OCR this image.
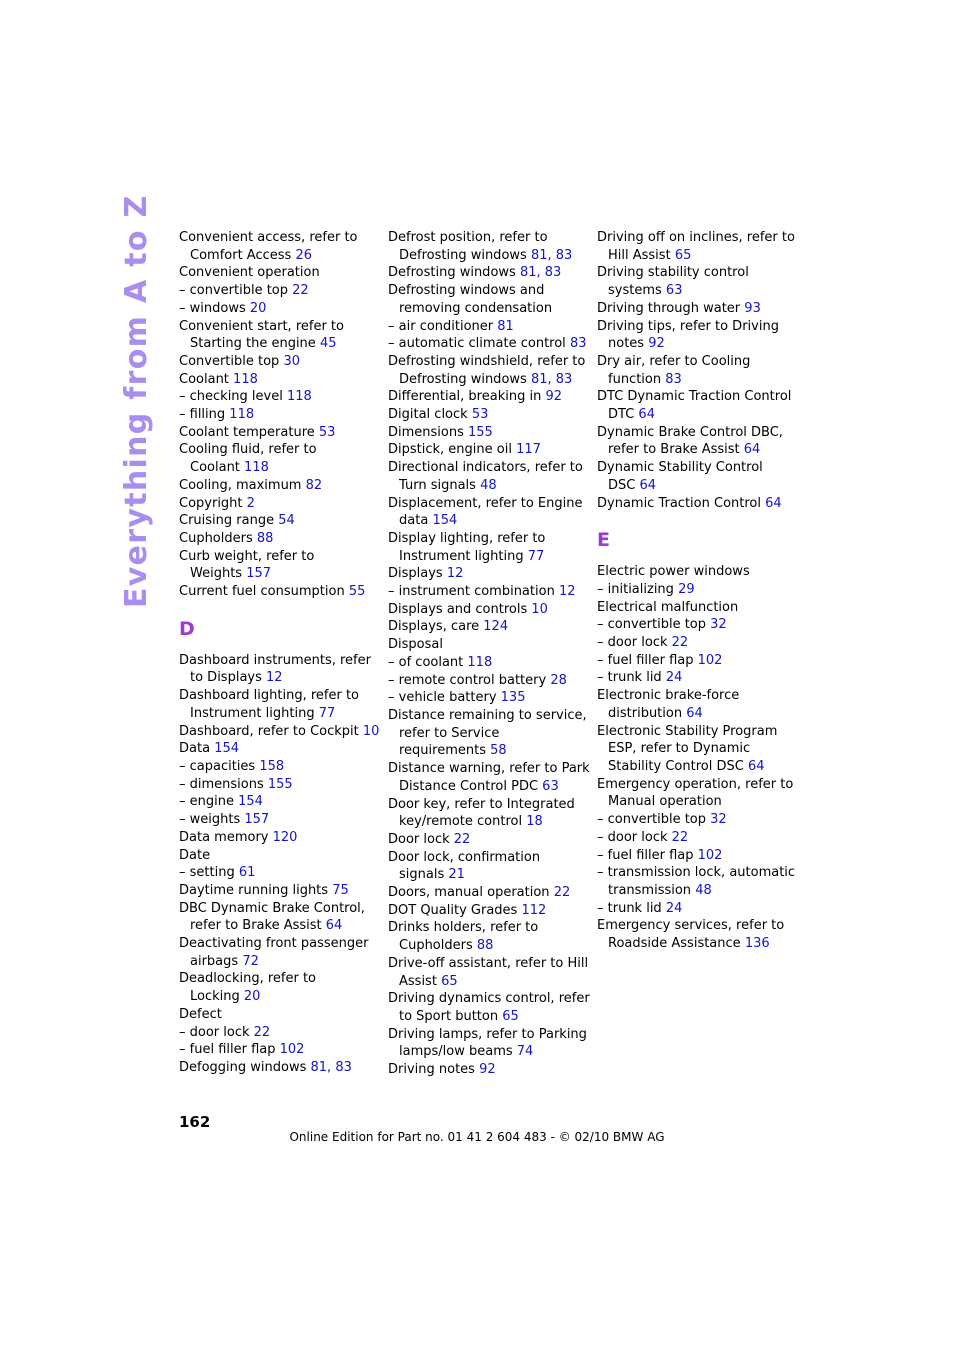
Everything from A to Z Convenient access, refer to
Comfort Access 26
Convenient operation
– convertible top 22
– windows 20
Convenient start, refer to
Starting the engine 45
Convertible top 30
Coolant 118
– checking level 118
– filling 118
Coolant temperature 53
Cooling fluid, refer to
Coolant 118
Cooling, maximum 82
Copyright 2
Cruising range 54
Cupholders 88
Curb weight, refer to
Weights 157
Current fuel consumption 55
D
Dashboard instruments, refer
to Displays 12
Dashboard lighting, refer to
Instrument lighting 77
Dashboard, refer to Cockpit 10
Data 154
– capacities 158
– dimensions 155
– engine 154
– weights 157
Data memory 120
Date
– setting 61
Daytime running lights 75
DBC Dynamic Brake Control,
refer to Brake Assist 64
Deactivating front passenger
airbags 72
Deadlocking, refer to
Locking 20
Defect
– door lock 22
– fuel filler flap 102
Defogging windows 81, 83
Defrost position, refer to
Defrosting windows 81, 83
Defrosting windows 81, 83
Defrosting windows and
removing condensation
– air conditioner 81
– automatic climate control 83
Defrosting windshield, refer to
Defrosting windows 81, 83
Differential, breaking in 92
Digital clock 53
Dimensions 155
Dipstick, engine oil 117
Directional indicators, refer to
Turn signals 48
Displacement, refer to Engine
data 154
Display lighting, refer to
Instrument lighting 77
Displays 12
– instrument combination 12
Displays and controls 10
Displays, care 124
Disposal
– of coolant 118
– remote control battery 28
– vehicle battery 135
Distance remaining to service,
refer to Service
requirements 58
Distance warning, refer to Park
Distance Control PDC 63
Door key, refer to Integrated
key/remote control 18
Door lock 22
Door lock, confirmation
signals 21
Doors, manual operation 22
DOT Quality Grades 112
Drinks holders, refer to
Cupholders 88
Drive-off assistant, refer to Hill
Assist 65
Driving dynamics control, refer
to Sport button 65
Driving lamps, refer to Parking
lamps/low beams 74
Driving notes 92
Driving off on inclines, refer to
Hill Assist 65
Driving stability control
systems 63
Driving through water 93
Driving tips, refer to Driving
notes 92
Dry air, refer to Cooling
function 83
DTC Dynamic Traction Control
DTC 64
Dynamic Brake Control DBC,
refer to Brake Assist 64
Dynamic Stability Control
DSC 64
Dynamic Traction Control 64
E
Electric power windows
– initializing 29
Electrical malfunction
– convertible top 32
– door lock 22
– fuel filler flap 102
– trunk lid 24
Electronic brake-force
distribution 64
Electronic Stability Program
ESP, refer to Dynamic
Stability Control DSC 64
Emergency operation, refer to
Manual operation
– convertible top 32
– door lock 22
– fuel filler flap 102
– transmission lock, automatic
transmission 48
– trunk lid 24
Emergency services, refer to
Roadside Assistance 136
162
Online Edition for Part no. 01 41 2 604 483 - © 02/10 BMW AG
